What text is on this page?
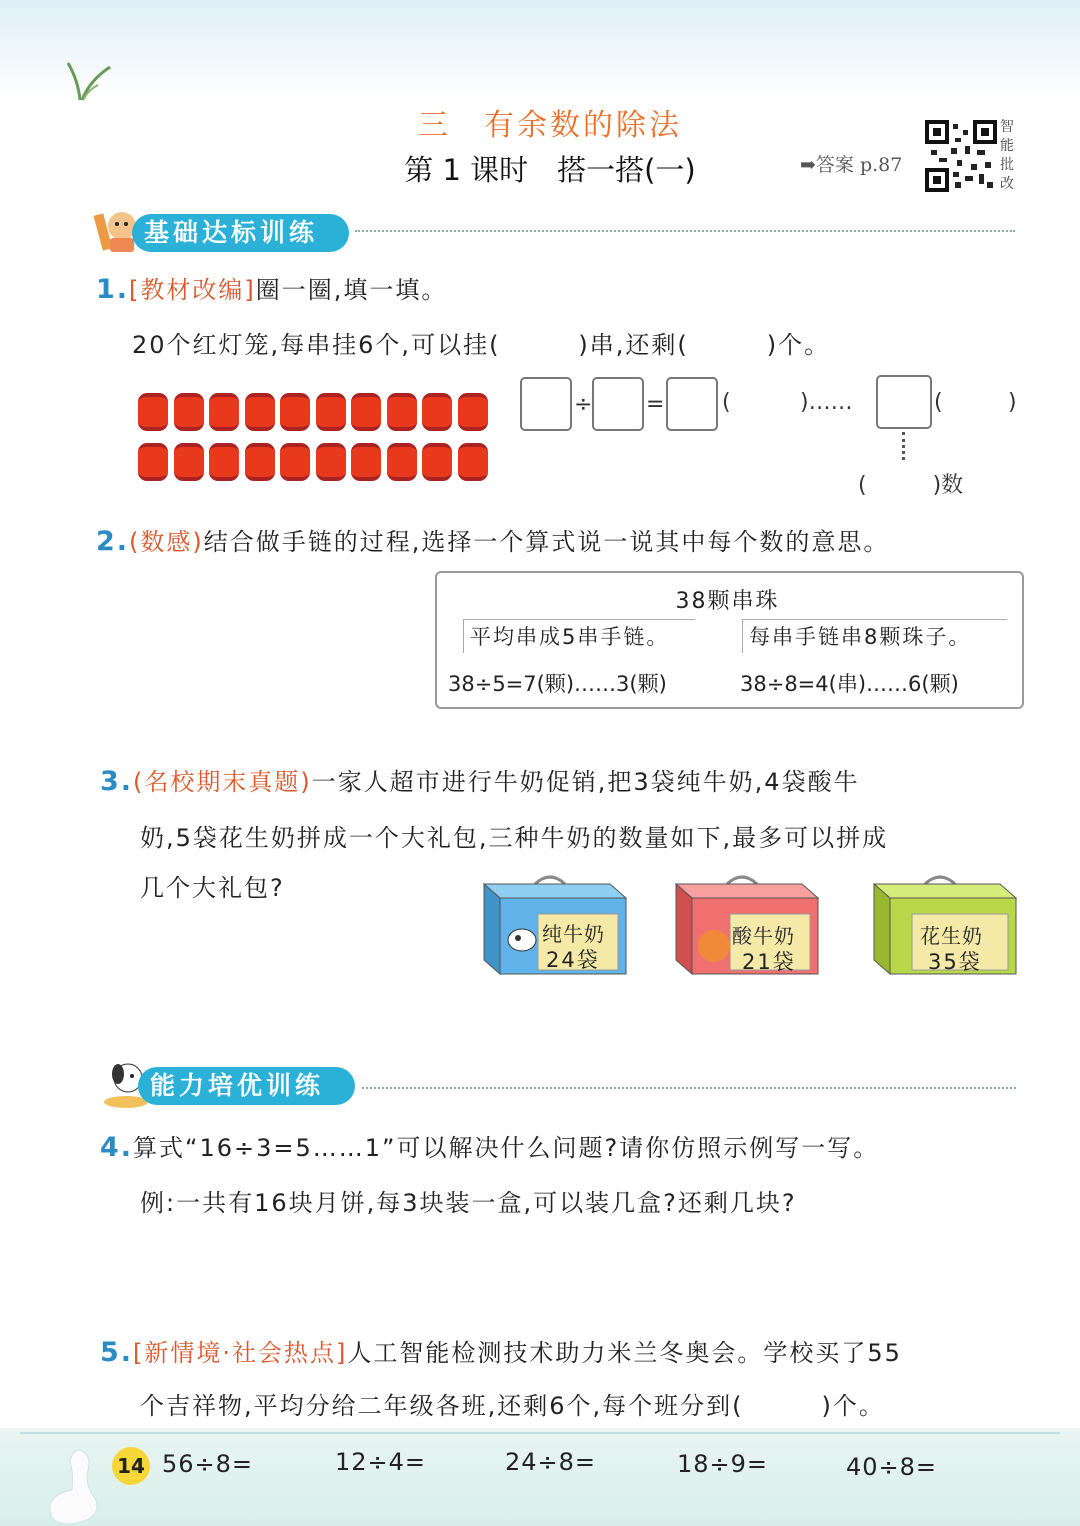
三　有余数的除法
第 1 课时　搭一搭(一)	➡答案 p.87
智能批改
基础达标训练
1.[教材改编]圈一圈,填一填。
20个红灯笼,每串挂6个,可以挂(　　　)串,还剩(　　　)个。
÷ =	(	)……	(	)
(　　　)数
2.(数感)结合做手链的过程,选择一个算式说一说其中每个数的意思。
38颗串珠
平均串成5串手链。	每串手链串8颗珠子。
38÷5=7(颗)……3(颗)	38÷8=4(串)……6(颗)
3.(名校期末真题)一家人超市进行牛奶促销,把3袋纯牛奶,4袋酸牛
奶,5袋花生奶拼成一个大礼包,三种牛奶的数量如下,最多可以拼成
几个大礼包?
纯牛奶
24袋
酸牛奶
21袋
花生奶
35袋
能力培优训练
4.算式“16÷3=5……1”可以解决什么问题?请你仿照示例写一写。
例:一共有16块月饼,每3块装一盒,可以装几盒?还剩几块?
5.[新情境·社会热点]人工智能检测技术助力米兰冬奥会。学校买了55
个吉祥物,平均分给二年级各班,还剩6个,每个班分到(　　　)个。
14 56÷8=	12÷4=	24÷8=	18÷9=	40÷8=
